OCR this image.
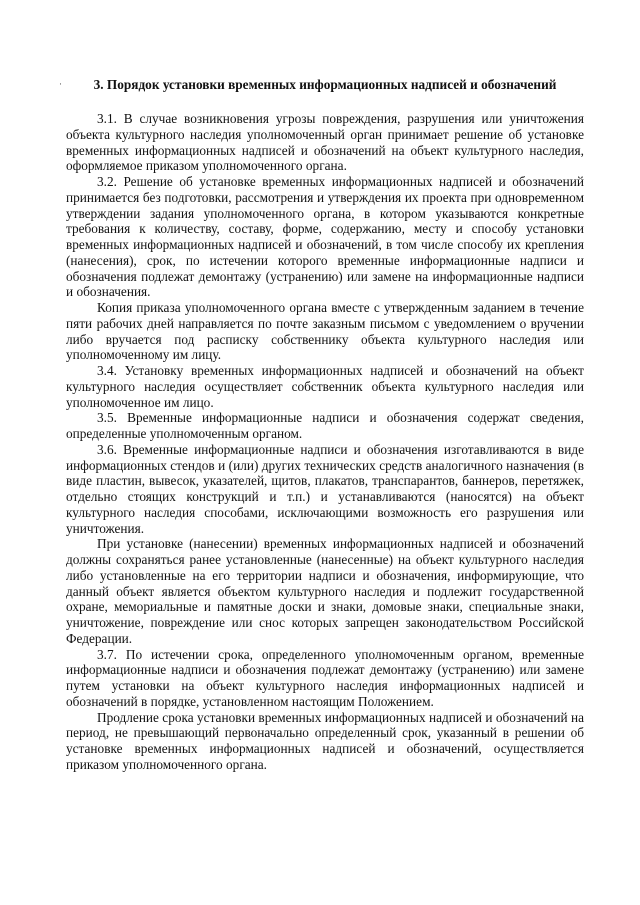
·	3. Порядок установки временных информационных надписей и обозначений

3.1. В случае возникновения угрозы повреждения, разрушения или уничтожения объекта культурного наследия уполномоченный орган принимает решение об установке временных информационных надписей и обозначений на объект культурного наследия, оформляемое приказом уполномоченного органа.

3.2. Решение об установке временных информационных надписей и обозначений принимается без подготовки, рассмотрения и утверждения их проекта при одновременном утверждении задания уполномоченного органа, в котором указываются конкретные требования к количеству, составу, форме, содержанию, месту и способу установки временных информационных надписей и обозначений, в том числе способу их крепления (нанесения), срок, по истечении которого временные информационные надписи и обозначения подлежат демонтажу (устранению) или замене на информационные надписи и обозначения.

Копия приказа уполномоченного органа вместе с утвержденным заданием в течение пяти рабочих дней направляется по почте заказным письмом с уведомлением о вручении либо вручается под расписку собственнику объекта культурного наследия или уполномоченному им лицу.

3.4. Установку временных информационных надписей и обозначений на объект культурного наследия осуществляет собственник объекта культурного наследия или уполномоченное им лицо.

3.5. Временные информационные надписи и обозначения содержат сведения, определенные уполномоченным органом.

3.6. Временные информационные надписи и обозначения изготавливаются в виде информационных стендов и (или) других технических средств аналогичного назначения (в виде пластин, вывесок, указателей, щитов, плакатов, транспарантов, баннеров, перетяжек, отдельно стоящих конструкций и т.п.) и устанавливаются (наносятся) на объект культурного наследия способами, исключающими возможность его разрушения или уничтожения.

При установке (нанесении) временных информационных надписей и обозначений должны сохраняться ранее установленные (нанесенные) на объект культурного наследия либо установленные на его территории надписи и обозначения, информирующие, что данный объект является объектом культурного наследия и подлежит государственной охране, мемориальные и памятные доски и знаки, домовые знаки, специальные знаки, уничтожение, повреждение или снос которых запрещен законодательством Российской Федерации.

3.7. По истечении срока, определенного уполномоченным органом, временные информационные надписи и обозначения подлежат демонтажу (устранению) или замене путем установки на объект культурного наследия информационных надписей и обозначений в порядке, установленном настоящим Положением.

Продление срока установки временных информационных надписей и обозначений на период, не превышающий первоначально определенный срок, указанный в решении об установке временных информационных надписей и обозначений, осуществляется приказом уполномоченного органа.
